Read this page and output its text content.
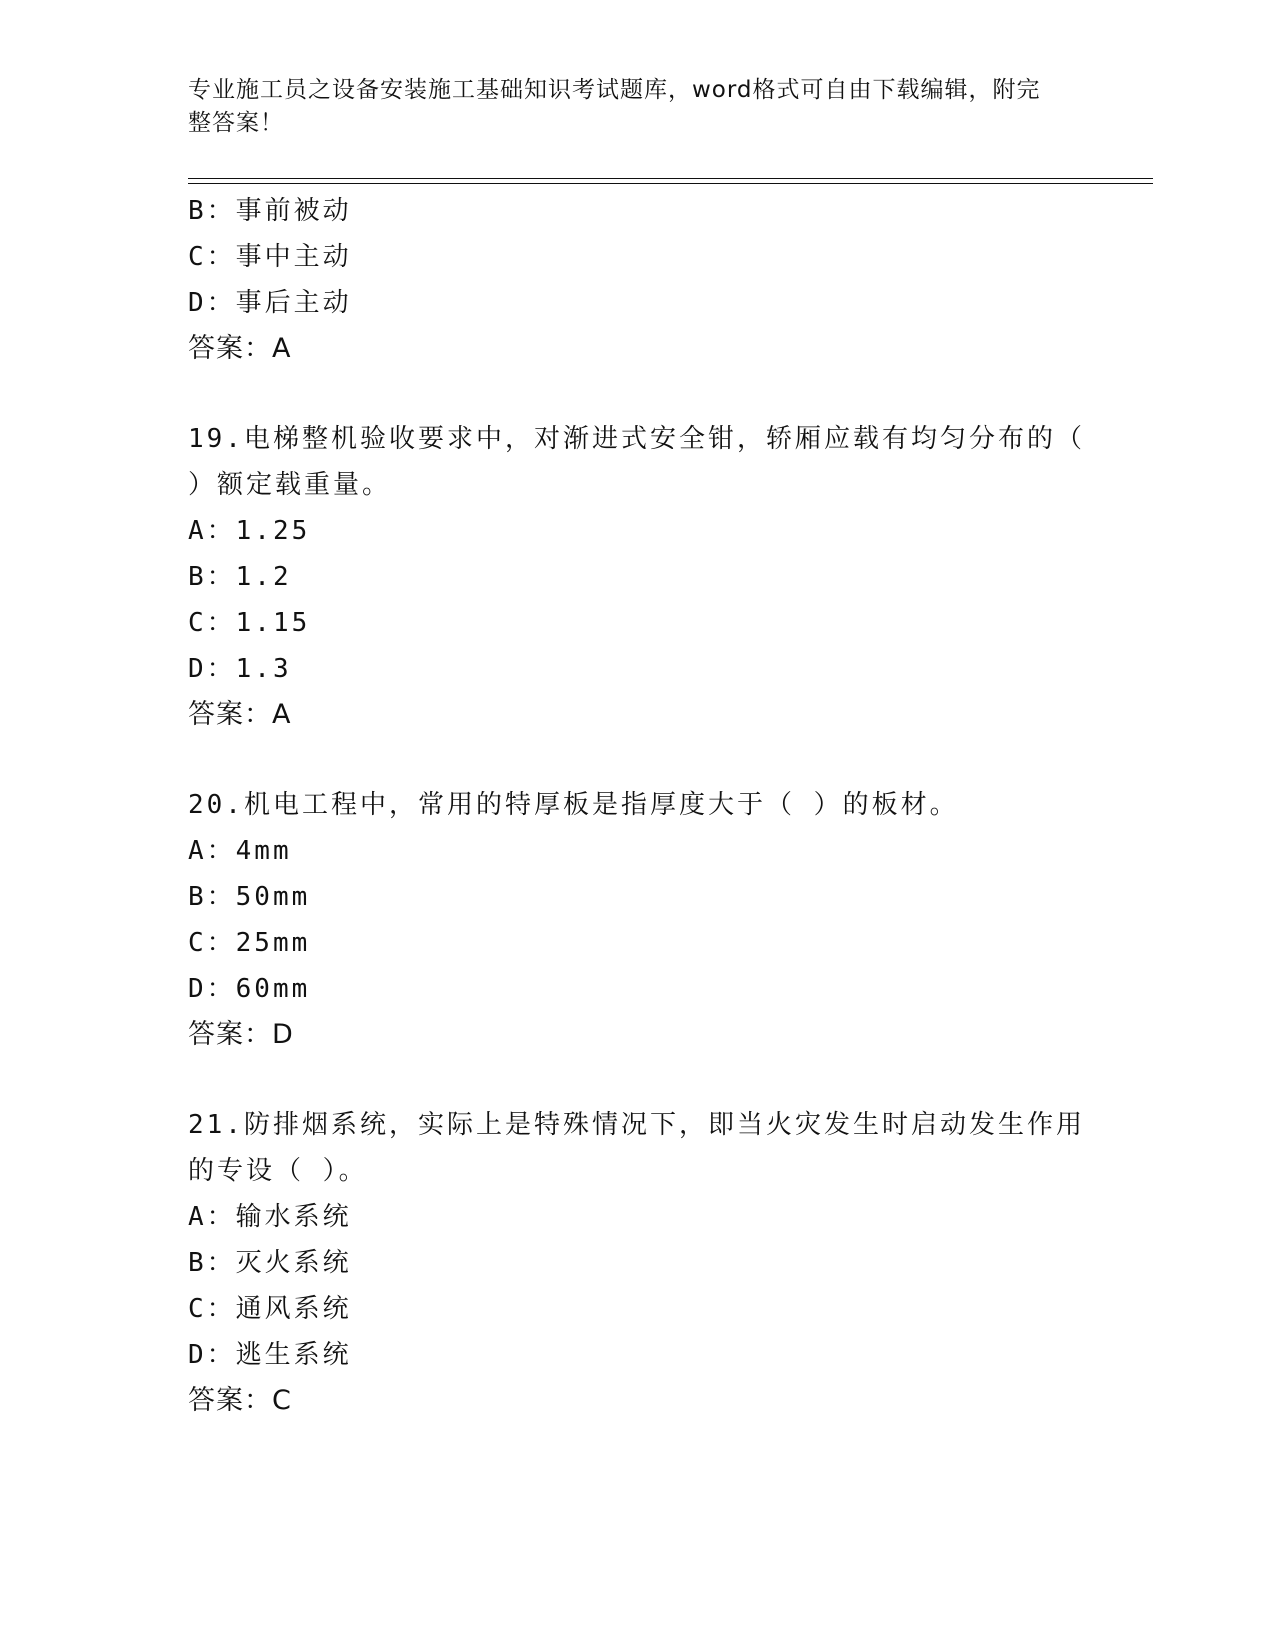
专业施工员之设备安装施工基础知识考试题库，word格式可自由下载编辑，附完
整答案！
B：事前被动
C：事中主动
D：事后主动
答案：A
19.电梯整机验收要求中，对渐进式安全钳，轿厢应载有均匀分布的（
）额定载重量。
A：1.25
B：1.2
C：1.15
D：1.3
答案：A
20.机电工程中，常用的特厚板是指厚度大于（ ）的板材。
A：4mm
B：50mm
C：25mm
D：60mm
答案：D
21.防排烟系统，实际上是特殊情况下，即当火灾发生时启动发生作用
的专设（ ）。
A：输水系统
B：灭火系统
C：通风系统
D：逃生系统
答案：C
